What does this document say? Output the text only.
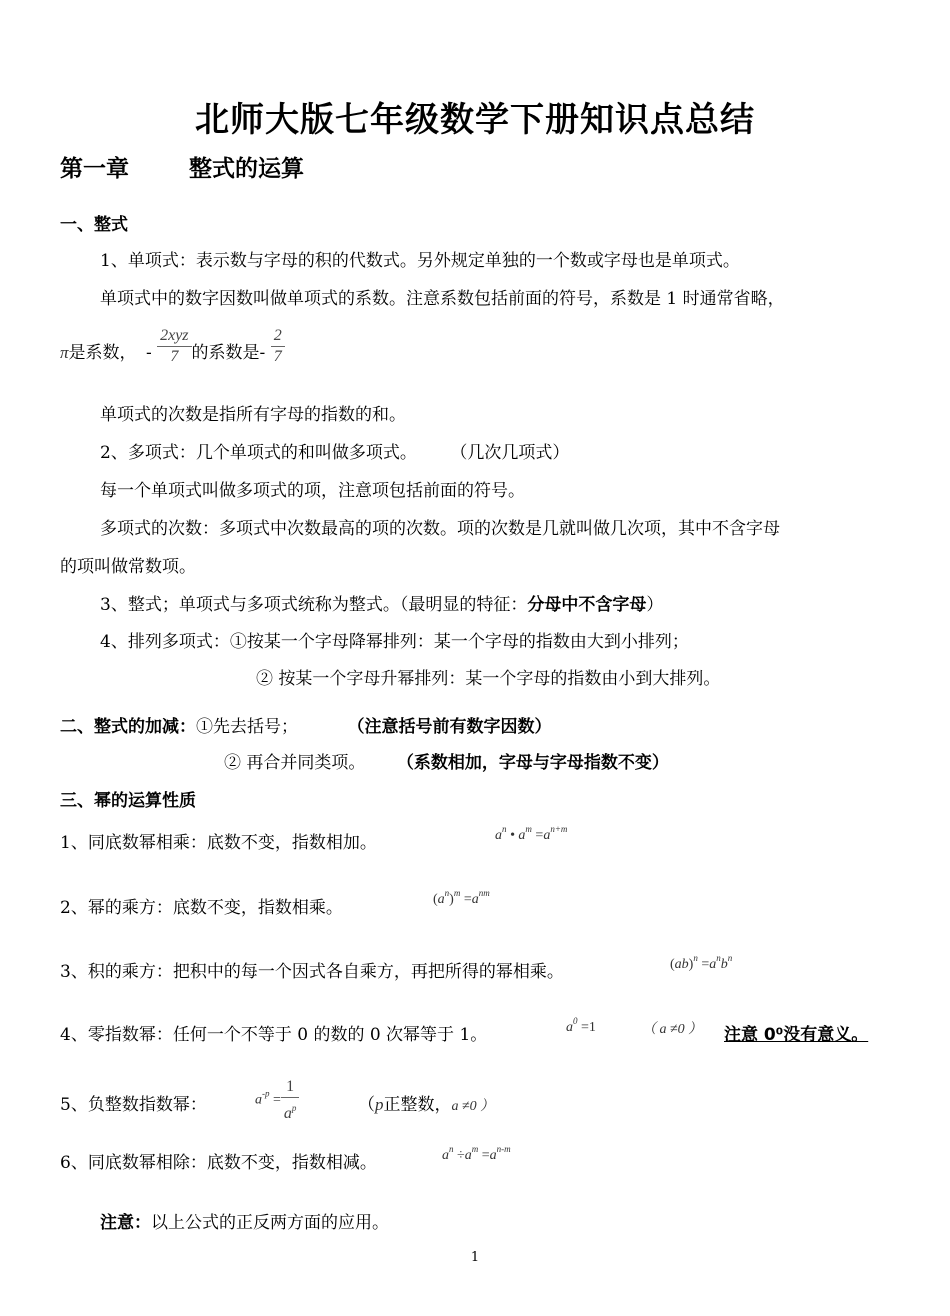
北师大版七年级数学下册知识点总结
第一章	整式的运算
一、整式
1、单项式：表示数与字母的积的代数式。另外规定单独的一个数或字母也是单项式。
单项式中的数字因数叫做单项式的系数。注意系数包括前面的符号，系数是 1 时通常省略，
π是系数， - $\frac{\text{2xyz}}{7}$ 的系数是- $\frac{2}{7}$
单项式的次数是指所有字母的指数的和。
2、多项式：几个单项式的和叫做多项式。 （几次几项式）
每一个单项式叫做多项式的项，注意项包括前面的符号。
多项式的次数：多项式中次数最高的项的次数。项的次数是几就叫做几次项，其中不含字母
的项叫做常数项。
3、整式；单项式与多项式统称为整式。（最明显的特征：分母中不含字母）
4、排列多项式：①按某一个字母降幂排列：某一个字母的指数由大到小排列；
② 按某一个字母升幂排列：某一个字母的指数由小到大排列。
二、整式的加减：①先去括号；	（注意括号前有数字因数）
② 再合并同类项。 （系数相加，字母与字母指数不变）
三、幂的运算性质
1、同底数幂相乘：底数不变，指数相加。	$a^n$ • $a^m =a^{n+m}$
2、幂的乘方：底数不变，指数相乘。	$(a^n)^m =a^{nm}$
3、积的乘方：把积中的每一个因式各自乘方，再把所得的幂相乘。	$(ab)^n =a^nb^n$
4、零指数幂：任何一个不等于 0 的数的 0 次幂等于 1。	$a^0 =1$	（ a ≠0 ） 注意 0⁰没有意义。
5、负整数指数幂：	$a^{-p} = \frac{1}{a^p}$	（p正整数，a ≠0 ）
6、同底数幂相除：底数不变，指数相减。	$a^n \div a^m =a^{n-m}$
注意：以上公式的正反两方面的应用。
1
